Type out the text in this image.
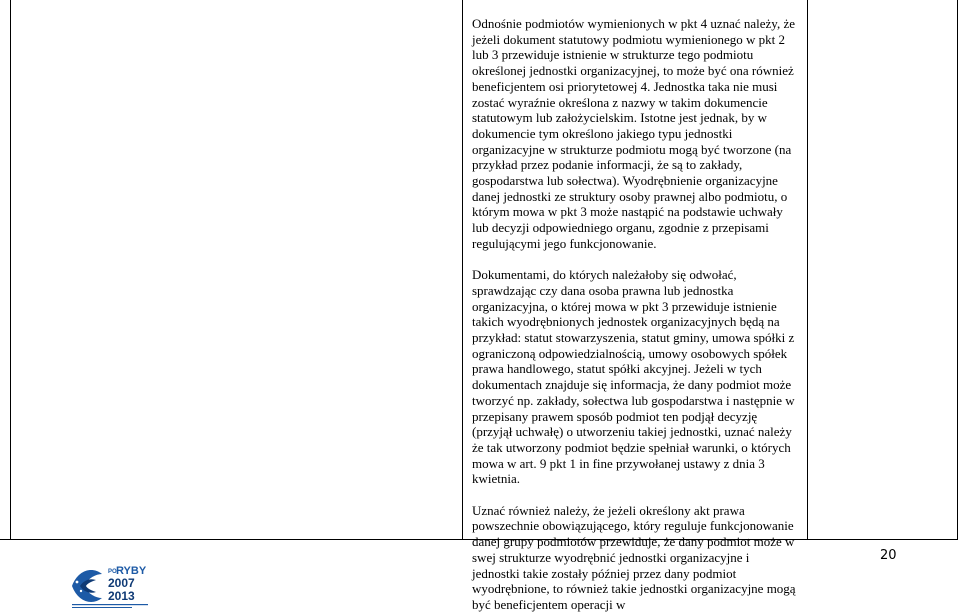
Odnośnie podmiotów wymienionych w pkt 4 uznać należy, że jeżeli dokument statutowy podmiotu wymienionego w pkt 2 lub 3 przewiduje istnienie w strukturze tego podmiotu określonej jednostki organizacyjnej, to może być ona również beneficjentem osi priorytetowej 4. Jednostka taka nie musi zostać wyraźnie określona z nazwy w takim dokumencie statutowym lub założycielskim. Istotne jest jednak, by w dokumencie tym określono jakiego typu jednostki organizacyjne w strukturze podmiotu mogą być tworzone (na przykład przez podanie informacji, że są to zakłady, gospodarstwa lub sołectwa). Wyodrębnienie organizacyjne danej jednostki ze struktury osoby prawnej albo podmiotu, o którym mowa w pkt 3 może nastąpić na podstawie uchwały lub decyzji odpowiedniego organu, zgodnie z przepisami regulującymi jego funkcjonowanie.

Dokumentami, do których należałoby się odwołać, sprawdzając czy dana osoba prawna lub jednostka organizacyjna, o której mowa w pkt 3 przewiduje istnienie takich wyodrębnionych jednostek organizacyjnych będą na przykład: statut stowarzyszenia, statut gminy, umowa spółki z ograniczoną odpowiedzialnością, umowy osobowych spółek prawa handlowego, statut spółki akcyjnej. Jeżeli w tych dokumentach znajduje się informacja, że dany podmiot może tworzyć np. zakłady, sołectwa lub gospodarstwa i następnie w przepisany prawem sposób podmiot ten podjął decyzję (przyjął uchwałę) o utworzeniu takiej jednostki, uznać należy że tak utworzony podmiot będzie spełniał warunki, o których mowa w art. 9 pkt 1 in fine przywołanej ustawy z dnia 3 kwietnia.

Uznać również należy, że jeżeli określony akt prawa powszechnie obowiązującego, który reguluje funkcjonowanie danej grupy podmiotów przewiduje, że dany podmiot może w swej strukturze wyodrębnić jednostki organizacyjne i jednostki takie zostały później przez dany podmiot wyodrębnione, to również takie jednostki organizacyjne mogą być beneficjentem operacji w

20
PO RYBY
2007
2013
